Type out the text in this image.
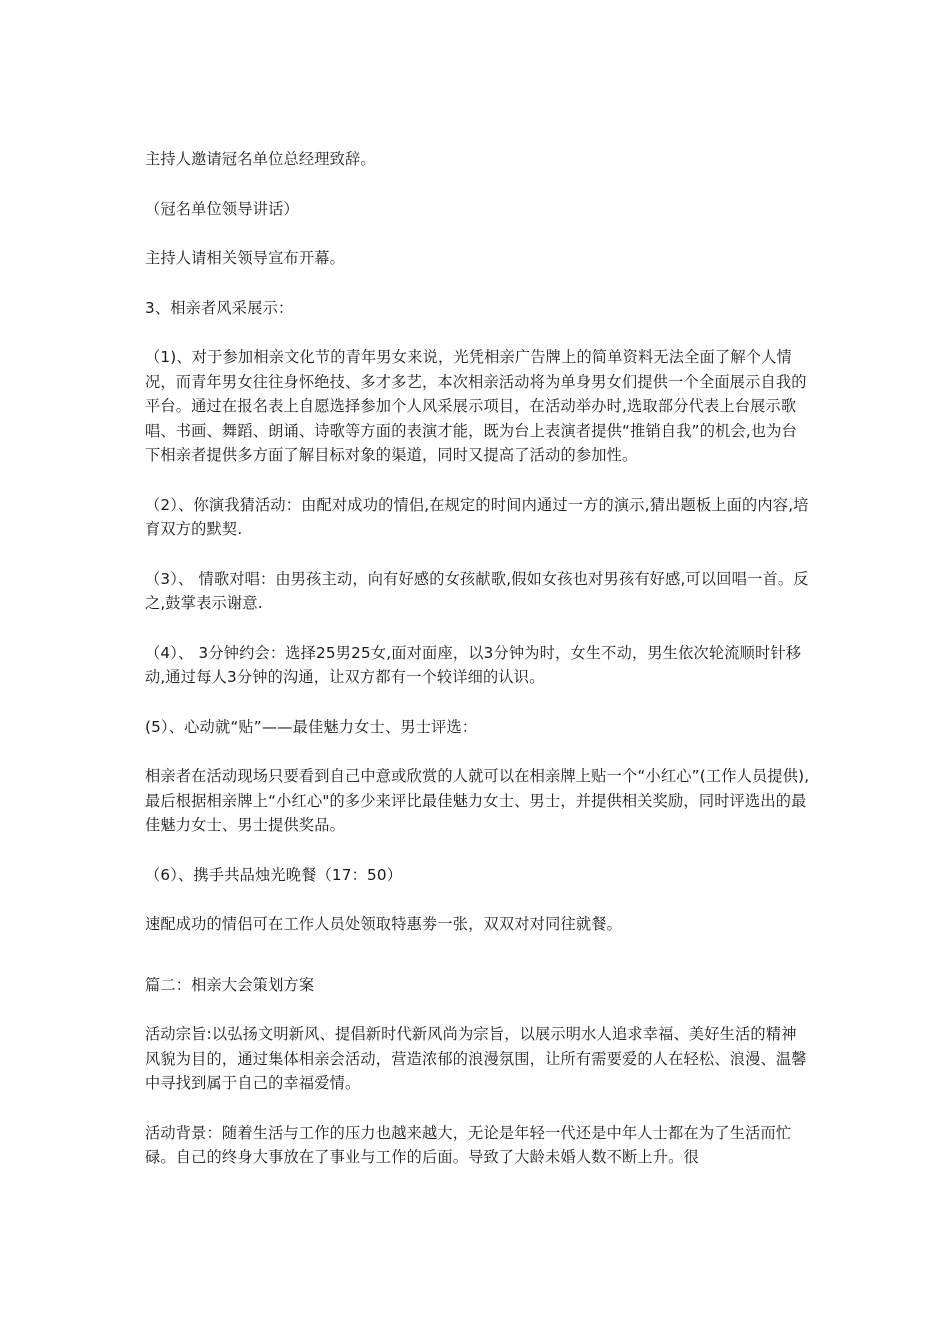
主持人邀请冠名单位总经理致辞。

（冠名单位领导讲话）

主持人请相关领导宣布开幕。

3、相亲者风采展示：

（1)、对于参加相亲文化节的青年男女来说，光凭相亲广告牌上的简单资料无法全面了解个人情况，而青年男女往往身怀绝技、多才多艺，本次相亲活动将为单身男女们提供一个全面展示自我的平台。通过在报名表上自愿选择参加个人风采展示项目，在活动举办时,选取部分代表上台展示歌唱、书画、舞蹈、朗诵、诗歌等方面的表演才能，既为台上表演者提供“推销自我”的机会,也为台下相亲者提供多方面了解目标对象的渠道，同时又提高了活动的参加性。

（2）、你演我猜活动：由配对成功的情侣,在规定的时间内通过一方的演示,猜出题板上面的内容,培育双方的默契.

（3）、 情歌对唱：由男孩主动，向有好感的女孩献歌,假如女孩也对男孩有好感,可以回唱一首。反之,鼓掌表示谢意.

（4）、 3分钟约会：选择25男25女,面对面座，以3分钟为时，女生不动，男生依次轮流顺时针移动,通过每人3分钟的沟通，让双方都有一个较详细的认识。

(5）、心动就“贴”——最佳魅力女士、男士评选：

相亲者在活动现场只要看到自己中意或欣赏的人就可以在相亲牌上贴一个“小红心”(工作人员提供),最后根据相亲牌上“小红心"的多少来评比最佳魅力女士、男士，并提供相关奖励，同时评选出的最佳魅力女士、男士提供奖品。

（6）、携手共品烛光晚餐（17：50）

速配成功的情侣可在工作人员处领取特惠劵一张，双双对对同往就餐。

篇二：相亲大会策划方案

活动宗旨:以弘扬文明新风、提倡新时代新风尚为宗旨，以展示明水人追求幸福、美好生活的精神风貌为目的，通过集体相亲会活动，营造浓郁的浪漫氛围，让所有需要爱的人在轻松、浪漫、温馨中寻找到属于自己的幸福爱情。

活动背景：随着生活与工作的压力也越来越大，无论是年轻一代还是中年人士都在为了生活而忙碌。自己的终身大事放在了事业与工作的后面。导致了大龄未婚人数不断上升。很
